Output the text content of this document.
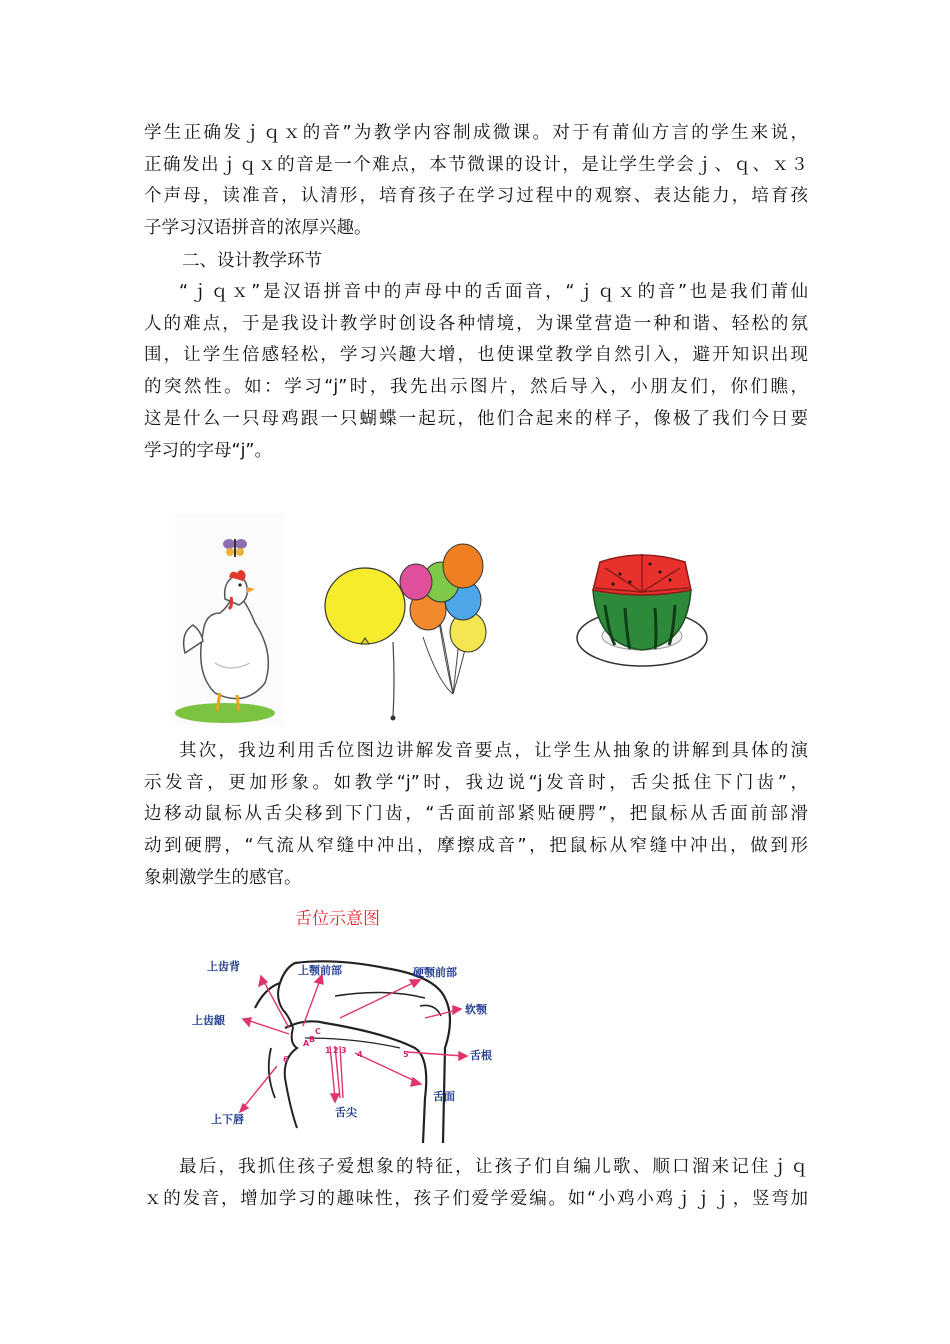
学生正确发ｊｑｘ的音”为教学内容制成微课。对于有莆仙方言的学生来说，
正确发出ｊｑｘ的音是一个难点，本节微课的设计，是让学生学会ｊ、ｑ、ｘ３
个声母，读准音，认清形，培育孩子在学习过程中的观察、表达能力，培育孩
子学习汉语拼音的浓厚兴趣。
二、设计教学环节
“ｊｑｘ”是汉语拼音中的声母中的舌面音，“ｊｑｘ的音”也是我们莆仙
人的难点，于是我设计教学时创设各种情境，为课堂营造一种和谐、轻松的氛
围，让学生倍感轻松，学习兴趣大增，也使课堂教学自然引入，避开知识出现
的突然性。如：学习“j”时，我先出示图片，然后导入，小朋友们，你们瞧，
这是什么一只母鸡跟一只蝴蝶一起玩，他们合起来的样子，像极了我们今日要
学习的字母“j”。
其次，我边利用舌位图边讲解发音要点，让学生从抽象的讲解到具体的演
示发音，更加形象。如教学“j”时，我边说“j发音时，舌尖抵住下门齿”，
边移动鼠标从舌尖移到下门齿，“舌面前部紧贴硬腭”，把鼠标从舌面前部滑
动到硬腭，“气流从窄缝中冲出，摩擦成音”，把鼠标从窄缝中冲出，做到形
象刺激学生的感官。
舌位示意图
6
1 2 3 4	5
A B
C
上齿背	上颚前部	硬颚前部
软颚
上齿龈
舌根
舌面
舌尖
上下唇
最后，我抓住孩子爱想象的特征，让孩子们自编儿歌、顺口溜来记住ｊｑ
ｘ的发音，增加学习的趣味性，孩子们爱学爱编。如“小鸡小鸡ｊｊｊ，竖弯加
